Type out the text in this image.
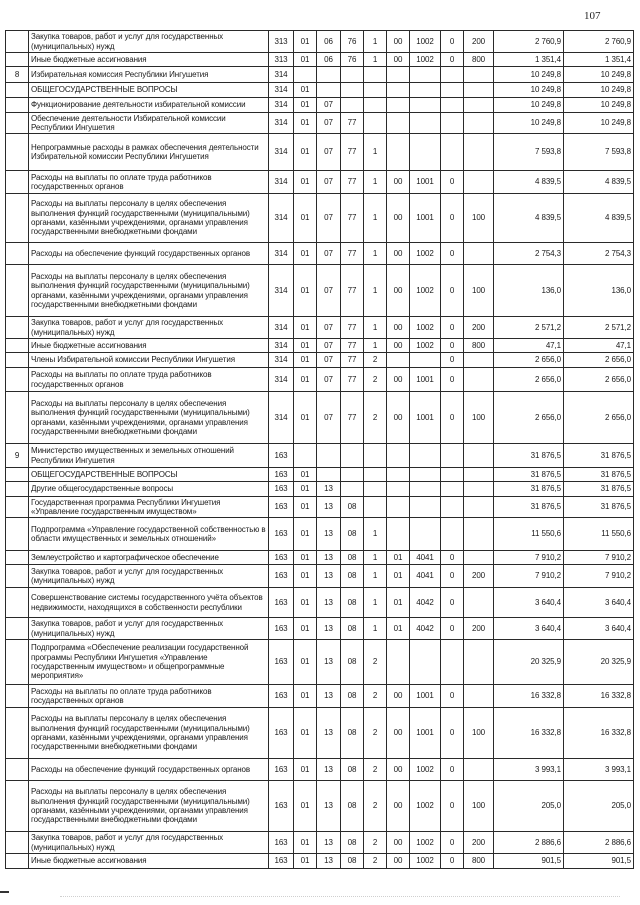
107
	Закупка товаров, работ и услуг для государственных (муниципальных) нужд	313	01	06	76	1	00	1002	0	200	2 760,9	2 760,9
	Иные бюджетные ассигнования	313	01	06	76	1	00	1002	0	800	1 351,4	1 351,4
8	Избирательная комиссия Республики Ингушетия	314									10 249,8	10 249,8
	ОБЩЕГОСУДАРСТВЕННЫЕ ВОПРОСЫ	314	01								10 249,8	10 249,8
	Функционирование деятельности избирательной комиссии	314	01	07							10 249,8	10 249,8
	Обеспечение деятельности Избирательной комиссии Республики Ингушетия	314	01	07	77						10 249,8	10 249,8
	Непрограммные расходы в рамках обеспечения деятельности Избирательной комиссии Республики Ингушетия	314	01	07	77	1					7 593,8	7 593,8
	Расходы на выплаты по оплате труда работников государственных органов	314	01	07	77	1	00	1001	0		4 839,5	4 839,5
	Расходы на выплаты персоналу в целях обеспечения выполнения функций государственными (муниципальными) органами, казёнными учреждениями, органами управления государственными внебюджетными фондами	314	01	07	77	1	00	1001	0	100	4 839,5	4 839,5
	Расходы на обеспечение функций государственных органов	314	01	07	77	1	00	1002	0		2 754,3	2 754,3
	Расходы на выплаты персоналу в целях обеспечения выполнения функций государственными (муниципальными) органами, казёнными учреждениями, органами управления государственными внебюджетными фондами	314	01	07	77	1	00	1002	0	100	136,0	136,0
	Закупка товаров, работ и услуг для государственных (муниципальных) нужд	314	01	07	77	1	00	1002	0	200	2 571,2	2 571,2
	Иные бюджетные ассигнования	314	01	07	77	1	00	1002	0	800	47,1	47,1
	Члены Избирательной комиссии Республики Ингушетия	314	01	07	77	2			0		2 656,0	2 656,0
	Расходы на выплаты по оплате труда работников государственных органов	314	01	07	77	2	00	1001	0		2 656,0	2 656,0
	Расходы на выплаты персоналу в целях обеспечения выполнения функций государственными (муниципальными) органами, казёнными учреждениями, органами управления государственными внебюджетными фондами	314	01	07	77	2	00	1001	0	100	2 656,0	2 656,0
9	Министерство имущественных и земельных отношений Республики Ингушетия	163									31 876,5	31 876,5
	ОБЩЕГОСУДАРСТВЕННЫЕ ВОПРОСЫ	163	01								31 876,5	31 876,5
	Другие общегосударственные вопросы	163	01	13							31 876,5	31 876,5
	Государственная программа Республики Ингушетия «Управление государственным имуществом»	163	01	13	08						31 876,5	31 876,5
	Подпрограмма «Управление государственной собственностью в области имущественных и земельных отношений»	163	01	13	08	1					11 550,6	11 550,6
	Землеустройство и картографическое обеспечение	163	01	13	08	1	01	4041	0		7 910,2	7 910,2
	Закупка товаров, работ и услуг для государственных (муниципальных) нужд	163	01	13	08	1	01	4041	0	200	7 910,2	7 910,2
	Совершенствование системы государственного учёта объектов недвижимости, находящихся в собственности республики	163	01	13	08	1	01	4042	0		3 640,4	3 640,4
	Закупка товаров, работ и услуг для государственных (муниципальных) нужд	163	01	13	08	1	01	4042	0	200	3 640,4	3 640,4
	Подпрограмма «Обеспечение реализации государственной программы Республики Ингушетия «Управление государственным имуществом» и общепрограммные мероприятия»	163	01	13	08	2					20 325,9	20 325,9
	Расходы на выплаты по оплате труда работников государственных органов	163	01	13	08	2	00	1001	0		16 332,8	16 332,8
	Расходы на выплаты персоналу в целях обеспечения выполнения функций государственными (муниципальными) органами, казёнными учреждениями, органами управления государственными внебюджетными фондами	163	01	13	08	2	00	1001	0	100	16 332,8	16 332,8
	Расходы на обеспечение функций государственных органов	163	01	13	08	2	00	1002	0		3 993,1	3 993,1
	Расходы на выплаты персоналу в целях обеспечения выполнения функций государственными (муниципальными) органами, казёнными учреждениями, органами управления государственными внебюджетными фондами	163	01	13	08	2	00	1002	0	100	205,0	205,0
	Закупка товаров, работ и услуг для государственных (муниципальных) нужд	163	01	13	08	2	00	1002	0	200	2 886,6	2 886,6
	Иные бюджетные ассигнования	163	01	13	08	2	00	1002	0	800	901,5	901,5
